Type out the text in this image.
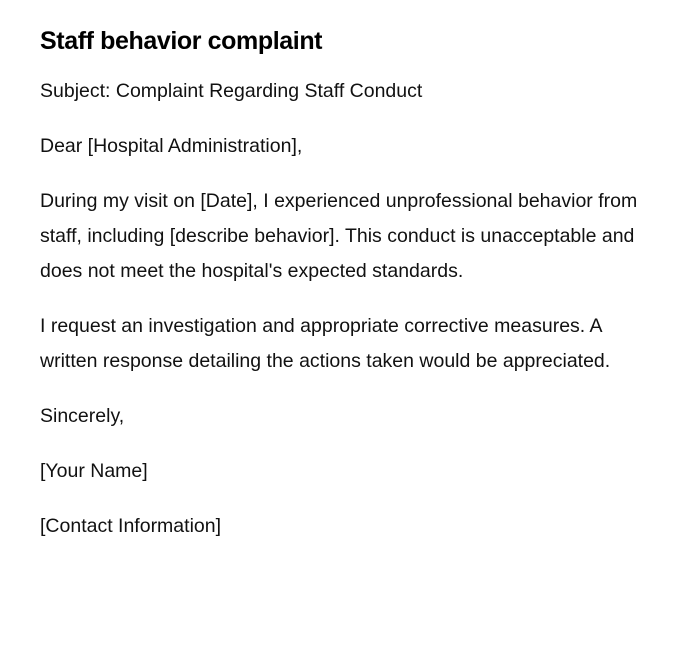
Staff behavior complaint

Subject: Complaint Regarding Staff Conduct

Dear [Hospital Administration],

During my visit on [Date], I experienced unprofessional behavior from staff, including [describe behavior]. This conduct is unacceptable and does not meet the hospital's expected standards.

I request an investigation and appropriate corrective measures. A written response detailing the actions taken would be appreciated.

Sincerely,

[Your Name]

[Contact Information]
